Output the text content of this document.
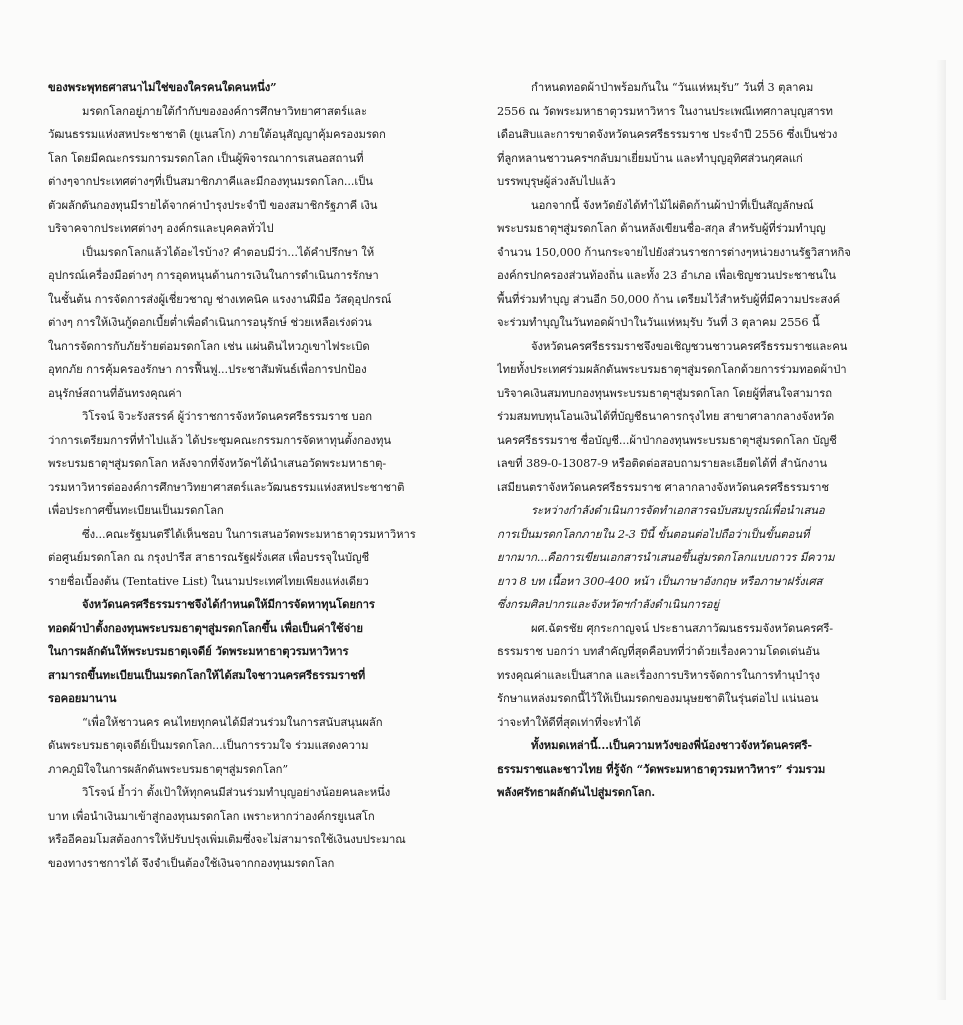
ของพระพุทธศาสนาไม่ใช่ของใครคนใดคนหนึ่ง”
มรดกโลกอยู่ภายใต้กำกับขององค์การศึกษาวิทยาศาสตร์และ
วัฒนธรรมแห่งสหประชาชาติ (ยูเนสโก) ภายใต้อนุสัญญาคุ้มครองมรดก
โลก โดยมีคณะกรรมการมรดกโลก เป็นผู้พิจารณาการเสนอสถานที่
ต่างๆจากประเทศต่างๆที่เป็นสมาชิกภาคีและมีกองทุนมรดกโลก...เป็น
ตัวผลักดันกองทุนมีรายได้จากค่าบำรุงประจำปี ของสมาชิกรัฐภาคี เงิน
บริจาคจากประเทศต่างๆ องค์กรและบุคคลทั่วไป
เป็นมรดกโลกแล้วได้อะไรบ้าง? คำตอบมีว่า...ได้คำปรึกษา ให้
อุปกรณ์เครื่องมือต่างๆ การอุดหนุนด้านการเงินในการดำเนินการรักษา
ในชั้นต้น การจัดการส่งผู้เชี่ยวชาญ ช่างเทคนิค แรงงานฝีมือ วัสดุอุปกรณ์
ต่างๆ การให้เงินกู้ดอกเบี้ยต่ำเพื่อดำเนินการอนุรักษ์ ช่วยเหลือเร่งด่วน
ในการจัดการกับภัยร้ายต่อมรดกโลก เช่น แผ่นดินไหวภูเขาไฟระเบิด
อุทกภัย การคุ้มครองรักษา การฟื้นฟู...ประชาสัมพันธ์เพื่อการปกป้อง
อนุรักษ์สถานที่อันทรงคุณค่า
วิโรจน์ จิวะรังสรรค์ ผู้ว่าราชการจังหวัดนครศรีธรรมราช บอก
ว่าการเตรียมการที่ทำไปแล้ว ได้ประชุมคณะกรรมการจัดหาทุนตั้งกองทุน
พระบรมธาตุฯสู่มรดกโลก หลังจากที่จังหวัดฯได้นำเสนอวัดพระมหาธาตุ-
วรมหาวิหารต่อองค์การศึกษาวิทยาศาสตร์และวัฒนธรรมแห่งสหประชาชาติ
เพื่อประกาศขึ้นทะเบียนเป็นมรดกโลก
ซึ่ง...คณะรัฐมนตรีได้เห็นชอบ ในการเสนอวัดพระมหาธาตุวรมหาวิหาร
ต่อศูนย์มรดกโลก ณ กรุงปารีส สาธารณรัฐฝรั่งเศส เพื่อบรรจุในบัญชี
รายชื่อเบื้องต้น (Tentative List) ในนามประเทศไทยเพียงแห่งเดียว
จังหวัดนครศรีธรรมราชจึงได้กำหนดให้มีการจัดหาทุนโดยการ
ทอดผ้าป่าตั้งกองทุนพระบรมธาตุฯสู่มรดกโลกขึ้น เพื่อเป็นค่าใช้จ่าย
ในการผลักดันให้พระบรมธาตุเจดีย์ วัดพระมหาธาตุวรมหาวิหาร
สามารถขึ้นทะเบียนเป็นมรดกโลกให้ได้สมใจชาวนครศรีธรรมราชที่
รอคอยมานาน
“เพื่อให้ชาวนคร คนไทยทุกคนได้มีส่วนร่วมในการสนับสนุนผลัก
ดันพระบรมธาตุเจดีย์เป็นมรดกโลก...เป็นการรวมใจ ร่วมแสดงความ
ภาคภูมิใจในการผลักดันพระบรมธาตุฯสู่มรดกโลก”
วิโรจน์ ย้ำว่า ตั้งเป้าให้ทุกคนมีส่วนร่วมทำบุญอย่างน้อยคนละหนึ่ง
บาท เพื่อนำเงินมาเข้าสู่กองทุนมรดกโลก เพราะหากว่าองค์กรยูเนสโก
หรืออีคอมโมสต้องการให้ปรับปรุงเพิ่มเติมซึ่งจะไม่สามารถใช้เงินงบประมาณ
ของทางราชการได้ จึงจำเป็นต้องใช้เงินจากกองทุนมรดกโลก
กำหนดทอดผ้าป่าพร้อมกันใน “วันแห่หมฺรับ” วันที่ 3 ตุลาคม
2556 ณ วัดพระมหาธาตุวรมหาวิหาร ในงานประเพณีเทศกาลบุญสารท
เดือนสิบและการขาดจังหวัดนครศรีธรรมราช ประจำปี 2556 ซึ่งเป็นช่วง
ที่ลูกหลานชาวนครฯกลับมาเยี่ยมบ้าน และทำบุญอุทิศส่วนกุศลแก่
บรรพบุรุษผู้ล่วงลับไปแล้ว
นอกจากนี้ จังหวัดยังได้ทำไม้ไผ่ติดก้านผ้าป่าที่เป็นสัญลักษณ์
พระบรมธาตุฯสู่มรดกโลก ด้านหลังเขียนชื่อ-สกุล สำหรับผู้ที่ร่วมทำบุญ
จำนวน 150,000 ก้านกระจายไปยังส่วนราชการต่างๆหน่วยงานรัฐวิสาหกิจ
องค์กรปกครองส่วนท้องถิ่น และทั้ง 23 อำเภอ เพื่อเชิญชวนประชาชนใน
พื้นที่ร่วมทำบุญ ส่วนอีก 50,000 ก้าน เตรียมไว้สำหรับผู้ที่มีความประสงค์
จะร่วมทำบุญในวันทอดผ้าป่าในวันแห่หมฺรับ วันที่ 3 ตุลาคม 2556 นี้
จังหวัดนครศรีธรรมราชจึงขอเชิญชวนชาวนครศรีธรรมราชและคน
ไทยทั้งประเทศร่วมผลักดันพระบรมธาตุฯสู่มรดกโลกด้วยการร่วมทอดผ้าป่า
บริจาคเงินสมทบกองทุนพระบรมธาตุฯสู่มรดกโลก โดยผู้ที่สนใจสามารถ
ร่วมสมทบทุนโอนเงินได้ที่บัญชีธนาคารกรุงไทย สาขาศาลากลางจังหวัด
นครศรีธรรมราช ชื่อบัญชี...ผ้าป่ากองทุนพระบรมธาตุฯสู่มรดกโลก บัญชี
เลขที่ 389-0-13087-9 หรือติดต่อสอบถามรายละเอียดได้ที่ สำนักงาน
เสมียนตราจังหวัดนครศรีธรรมราช ศาลากลางจังหวัดนครศรีธรรมราช
ระหว่างกำลังดำเนินการจัดทำเอกสารฉบับสมบูรณ์เพื่อนำเสนอ
การเป็นมรดกโลกภายใน 2-3 ปีนี้ ขั้นตอนต่อไปถือว่าเป็นขั้นตอนที่
ยากมาก...คือการเขียนเอกสารนำเสนอขึ้นสู่มรดกโลกแบบถาวร มีความ
ยาว 8 บท เนื้อหา 300-400 หน้า เป็นภาษาอังกฤษ หรือภาษาฝรั่งเศส
ซึ่งกรมศิลปากรและจังหวัดฯกำลังดำเนินการอยู่
ผศ.ฉัตรชัย ศุกระกาญจน์ ประธานสภาวัฒนธรรมจังหวัดนครศรี-
ธรรมราช บอกว่า บทสำคัญที่สุดคือบทที่ว่าด้วยเรื่องความโดดเด่นอัน
ทรงคุณค่าและเป็นสากล และเรื่องการบริหารจัดการในการทำนุบำรุง
รักษาแหล่งมรดกนี้ไว้ให้เป็นมรดกของมนุษยชาติในรุ่นต่อไป แน่นอน
ว่าจะทำให้ดีที่สุดเท่าที่จะทำได้
ทั้งหมดเหล่านี้...เป็นความหวังของพี่น้องชาวจังหวัดนครศรี-
ธรรมราชและชาวไทย ที่รู้จัก “วัดพระมหาธาตุวรมหาวิหาร” ร่วมรวม
พลังศรัทธาผลักดันไปสู่มรดกโลก.
